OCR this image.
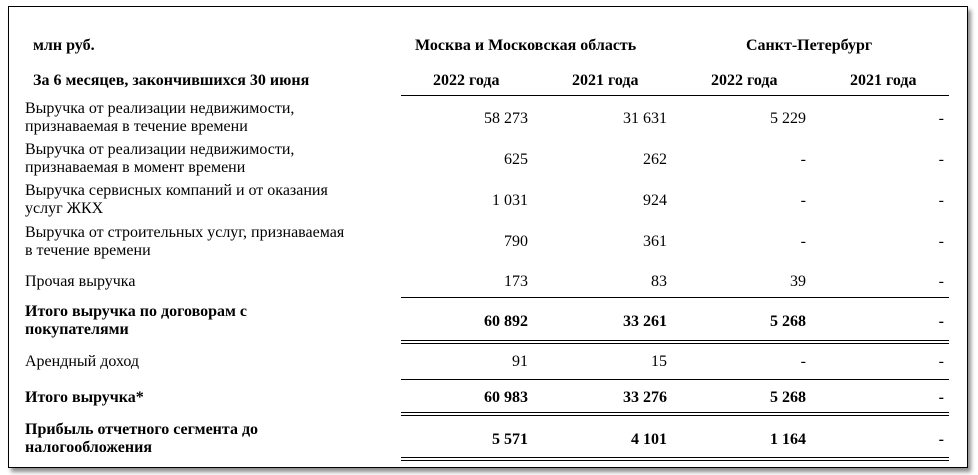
млн руб.	Москва и Московская область	Санкт-Петербург
За 6 месяцев, закончившихся 30 июня	2022 года	2021 года	2022 года	2021 года
Выручка от реализации недвижимости,
признаваемая в течение времени	58 273	31 631	5 229	-
Выручка от реализации недвижимости,
признаваемая в момент времени	625	262	-	-
Выручка сервисных компаний и от оказания
услуг ЖКХ	1 031	924	-	-
Выручка от строительных услуг, признаваемая
в течение времени
790	361	-	-
Прочая выручка	173	83	39	-
Итого выручка по договорам с
покупателями	60 892	33 261	5 268	-
Арендный доход	91	15	-	-
Итого выручка*	60 983	33 276	5 268	-
Прибыль отчетного сегмента до
налогообложения	5 571	4 101	1 164	-
